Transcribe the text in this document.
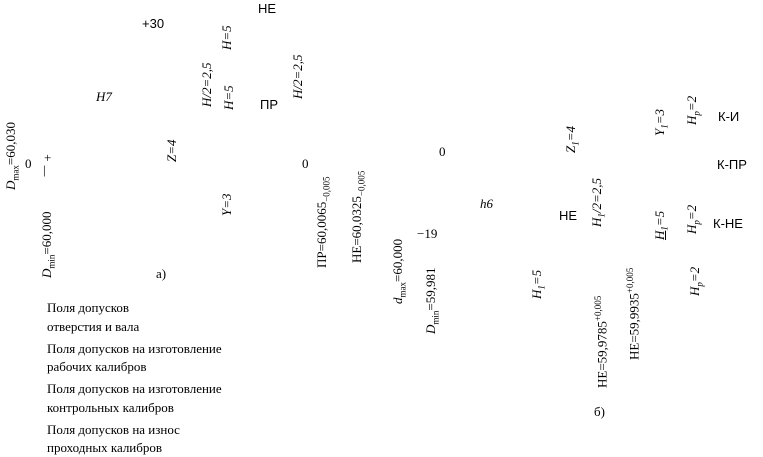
+30
H7
0 +
|
$D_{max}=60,030$
$D_{min}=60,000$
H=5
НЕ
H/2=2,5 H=5	H/2=2,5
ПР
Z=4
Y=3
0
$ПР=60,0065_{-0,005}$
$НЕ=60,0325_{-0,005}$
а)
0
−19
h6
$d_{max}=60,000$
$D_{min}=59,981$
$Z_1=4$
$H_1/2=2,5$
НЕ
$H_1=5$
$НЕ=59,9785^{+0,005}$	$НЕ=59,9935^{+0,005}$
$Y_1=3$ $H_p=2$
К-И
К-ПР
$H_1=5$
$H_p=2$
К-НЕ
$H_p=2$
б)
Поля допусков
отверстия и вала
Поля допусков на изготовление
рабочих калибров
Поля допусков на изготовление
контрольных калибров
Поля допусков на износ
проходных калибров
